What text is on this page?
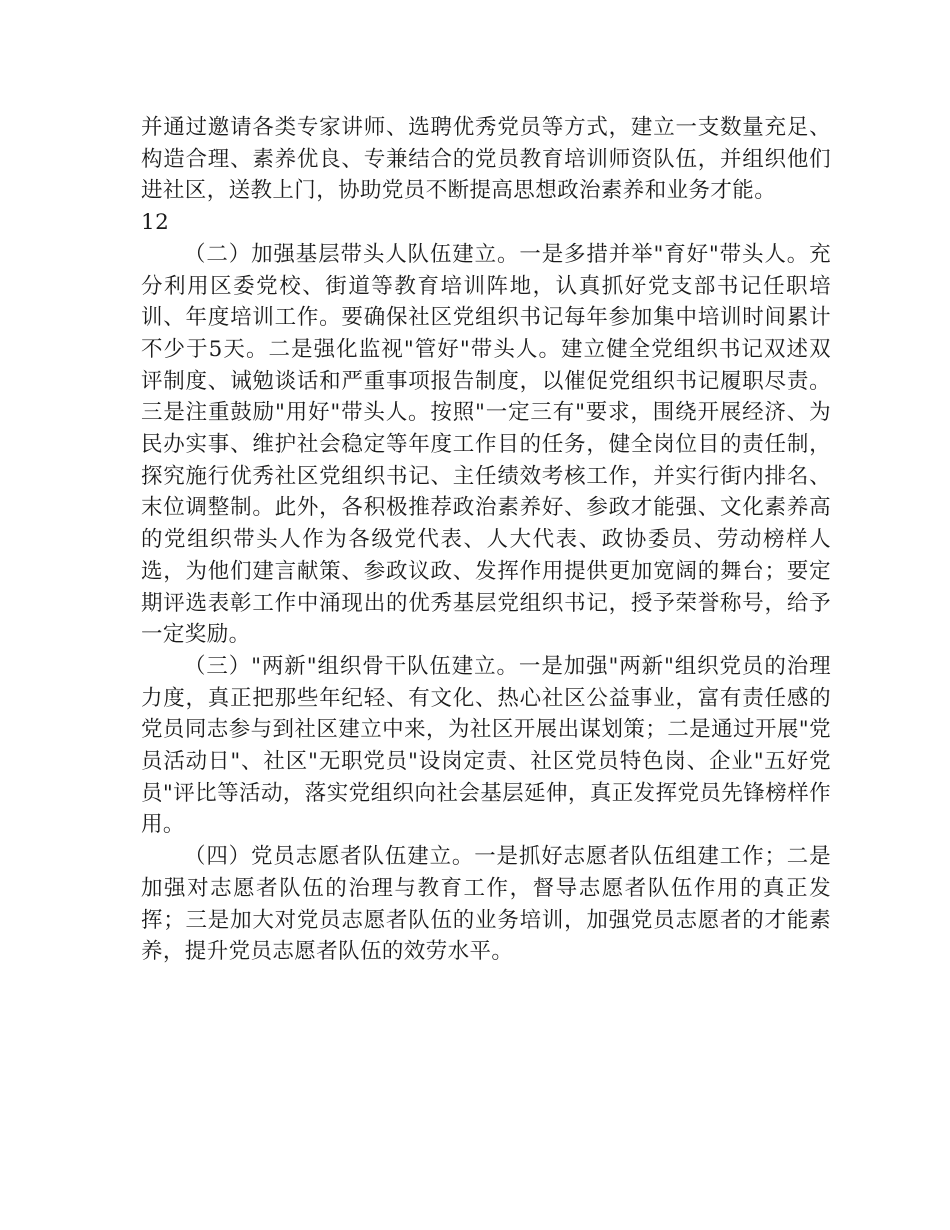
并通过邀请各类专家讲师、选聘优秀党员等方式，建立一支数量充足、构造合理、素养优良、专兼结合的党员教育培训师资队伍，并组织他们进社区，送教上门，协助党员不断提高思想政治素养和业务才能。

12

（二）加强基层带头人队伍建立。一是多措并举"育好"带头人。充分利用区委党校、街道等教育培训阵地，认真抓好党支部书记任职培训、年度培训工作。要确保社区党组织书记每年参加集中培训时间累计不少于5天。二是强化监视"管好"带头人。建立健全党组织书记双述双评制度、诫勉谈话和严重事项报告制度，以催促党组织书记履职尽责。三是注重鼓励"用好"带头人。按照"一定三有"要求，围绕开展经济、为民办实事、维护社会稳定等年度工作目的任务，健全岗位目的责任制，探究施行优秀社区党组织书记、主任绩效考核工作，并实行街内排名、末位调整制。此外，各积极推荐政治素养好、参政才能强、文化素养高的党组织带头人作为各级党代表、人大代表、政协委员、劳动榜样人选，为他们建言献策、参政议政、发挥作用提供更加宽阔的舞台；要定期评选表彰工作中涌现出的优秀基层党组织书记，授予荣誉称号，给予一定奖励。

（三）"两新"组织骨干队伍建立。一是加强"两新"组织党员的治理力度，真正把那些年纪轻、有文化、热心社区公益事业，富有责任感的党员同志参与到社区建立中来，为社区开展出谋划策；二是通过开展"党员活动日"、社区"无职党员"设岗定责、社区党员特色岗、企业"五好党员"评比等活动，落实党组织向社会基层延伸，真正发挥党员先锋榜样作用。

（四）党员志愿者队伍建立。一是抓好志愿者队伍组建工作；二是加强对志愿者队伍的治理与教育工作，督导志愿者队伍作用的真正发挥；三是加大对党员志愿者队伍的业务培训，加强党员志愿者的才能素养，提升党员志愿者队伍的效劳水平。
